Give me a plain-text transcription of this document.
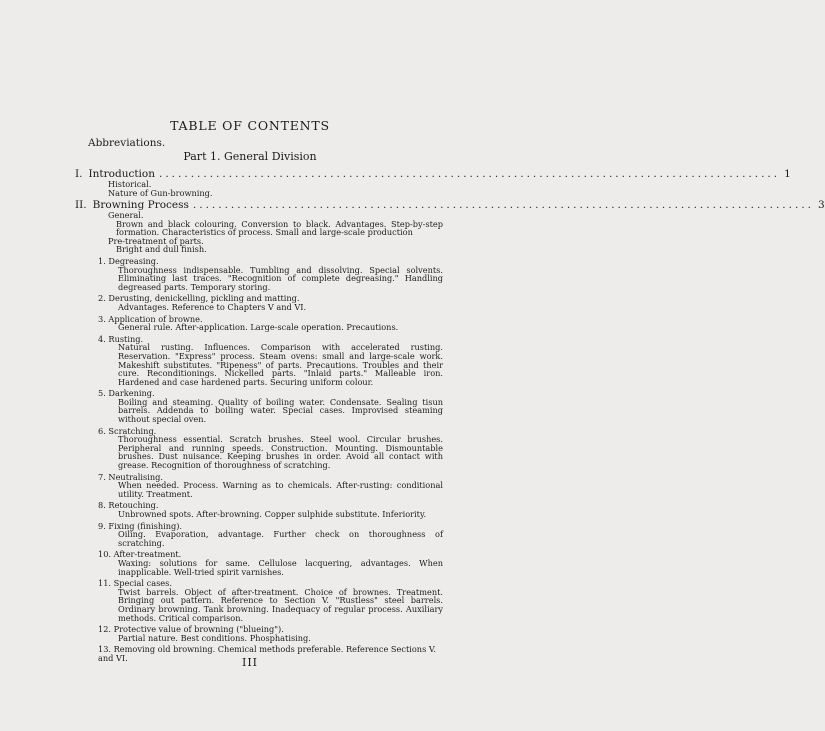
TABLE OF CONTENTS
Abbreviations.
Part 1. General Division
I. Introduction .................................................................................................. 1
Historical.
Nature of Gun-browning.
II. Browning Process .................................................................................................. 3
General.
Brown and black colouring. Conversion to black. Advantages. Step-by-step formation. Characteristics of process. Small and large-scale production
Pre-treatment of parts.
Bright and dull finish.
1. Degreasing.
Thoroughness indispensable. Tumbling and dissolving. Special solvents. Eliminating last traces. "Recognition of complete degreasing." Handling degreased parts. Temporary storing.
2. Derusting, denickelling, pickling and matting.
Advantages. Reference to Chapters V and VI.
3. Application of browne.
General rule. After-application. Large-scale operation. Precautions.
4. Rusting.
Natural rusting. Influences. Comparison with accelerated rusting. Reservation. "Express" process. Steam ovens: small and large-scale work. Makeshift substitutes. "Ripeness" of parts. Precautions. Troubles and their cure. Reconditionings. Nickelled parts. "Inlaid parts." Malleable iron. Hardened and case hardened parts. Securing uniform colour.
5. Darkening.
Boiling and steaming. Quality of boiling water. Condensate. Sealing tisun barrels. Addenda to boiling water. Special cases. Improvised steaming without special oven.
6. Scratching.
Thoroughness essential. Scratch brushes. Steel wool. Circular brushes. Peripheral and running speeds. Construction. Mounting. Dismountable brushes. Dust nuisance. Keeping brushes in order. Avoid all contact with grease. Recognition of thoroughness of scratching.
7. Neutralising.
When needed. Process. Warning as to chemicals. After-rusting: conditional utility. Treatment.
8. Retouching.
Unbrowned spots. After-browning. Copper sulphide substitute. Inferiority.
9. Fixing (finishing).
Oiling. Evaporation, advantage. Further check on thoroughness of scratching.
10. After-treatment.
Waxing: solutions for same. Cellulose lacquering, advantages. When inapplicable. Well-tried spirit varnishes.
11. Special cases.
Twist barrels. Object of after-treatment. Choice of brownes. Treatment. Bringing out pattern. Reference to Section V. "Rustless" steel barrels. Ordinary browning. Tank browning. Inadequacy of regular process. Auxiliary methods. Critical comparison.
12. Protective value of browning ("blueing").
Partial nature. Best conditions. Phosphatising.
13. Removing old browning. Chemical methods preferable. Reference Sections V. and VI.	III
